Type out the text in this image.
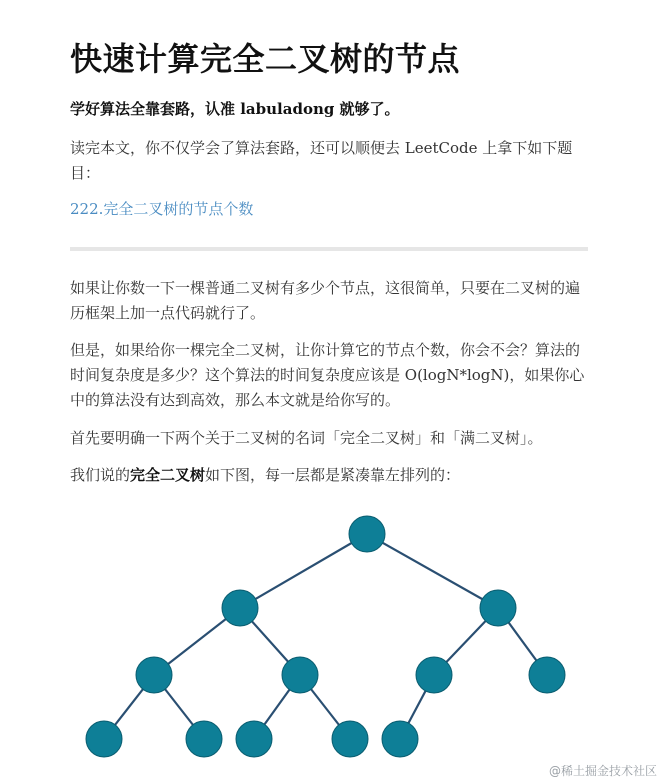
快速计算完全二叉树的节点

学好算法全靠套路，认准 labuladong 就够了。

读完本文，你不仅学会了算法套路，还可以顺便去 LeetCode 上拿下如下题目：

222.完全二叉树的节点个数

如果让你数一下一棵普通二叉树有多少个节点，这很简单，只要在二叉树的遍历框架上加一点代码就行了。

但是，如果给你一棵完全二叉树，让你计算它的节点个数，你会不会？算法的时间复杂度是多少？这个算法的时间复杂度应该是 O(logN*logN)，如果你心中的算法没有达到高效，那么本文就是给你写的。

首先要明确一下两个关于二叉树的名词「完全二叉树」和「满二叉树」。

我们说的完全二叉树如下图，每一层都是紧凑靠左排列的：

@稀土掘金技术社区
